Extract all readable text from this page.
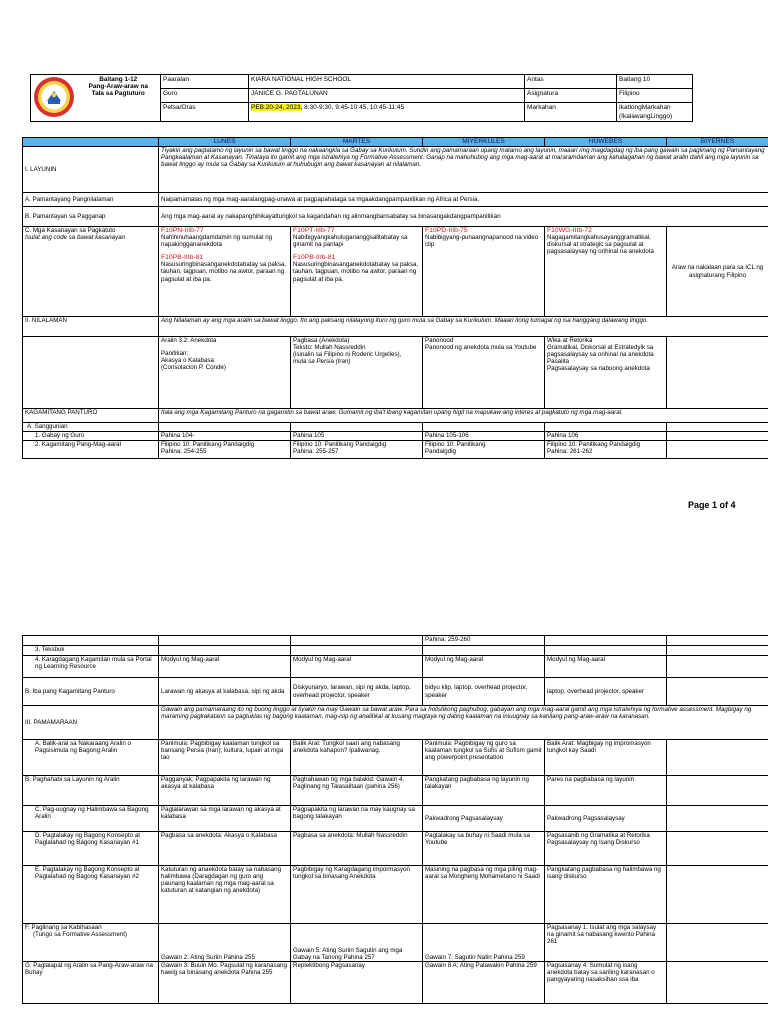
Baitang 1-12
Pang-Araw-araw na
Tala sa Pagtuturo	Paaralan	KIARA NATIONAL HIGH SCHOOL	Antas	Baitang 10
		Guro	JANICE G. PAGTALUNAN	Asignatura	Filipino
		Petsa/Oras	PEB.20-24, 2023, 8:30-9:30, 9:45-10:45, 10:45-11:45	Markahan	IkatlongMarkahan (IkalawangLinggo)
	LUNES	MARTES	MIYERKULES	HUWEBES	BIYERNES
I. LAYUNIN	Tiyakin ang pagtatamo ng layunin sa bawat linggo na nakaangkla sa Gabay sa Kurikulum. Sundin ang pamamaraan upang matamo ang layunin, maaari ring magdagdag ng iba pang gawain sa paglinang ng Pamantayang Pangkaalaman at Kasanayan. Tinataya ito gamit ang mga istratehiya ng Formative Assessment. Ganap na mahuhubog ang mga mag-aaral at mararamdaman ang kahalagahan ng bawat aralin dahil ang mga layunin sa bawat linggo ay mula sa Gabay sa Kurikulum at huhubugin ang bawat kasanayan at nilalaman.				
A. Pamantayang Pangnilalaman	Naipamamalas ng mga mag-aaralangpag-unawa at pagpapahalaga sa mgaakdangpampanitikan ng Africa at Persia.				
B. Pamantayan sa Pagganap	Ang mga mag-aaral ay nakapanghihikayattungkol sa kagandahan ng alinmangbansabatay sa binasangakdangpampanitikan				

C. Mga Kasanayan sa Pagkatuto
Isulat ang code sa bawat kasanayan	F10PN-IIIb-77
Nahihinuhaangdamdamin ng sumulat ng napakinggananekdota
F10PB-IIIb-81
Nasusuringbinasanganekdotabatay sa paksa, tauhan, tagpuan, motibo na awtor, paraan ng pagsulat at iba pa.	F10PT-IIIb-77
Nabibigyangkahulugananggsalitabatay sa ginamit na panlapi
F10PB-IIIb-81
Nasusuringbinasanganekdotabatay sa paksa, tauhan, tagpuan, motibo na awtor, paraan ng pagsulat at iba pa.	F10PD-IIIb-75
Nabibigyang-punaangnapanood na video clip	F10WG-IIIb-72
Nagagamitangkahusayanggramatikal, diskursal at strategic sa pagsulat at pagsasalaysay ng orihinal na anekdota	Araw na nakalaan para sa ICL ng asignaturang Filipino

II. NILALAMAN	Ang Nilalaman ay ang mga aralin sa bawat linggo. Ito ang paksang nilalayong ituro ng guro mula sa Gabay sa Kurikulum. Maaari itong tumagal ng isa hanggang dalawang linggo.				

	Aralin 3.2: Anekdota
Panitikan:
Akasya o Kalabasa
(Consolacion P. Conde)	Pagbasa (Anekdota)
Teksto: Mullah Nassreddin
(isinalin sa Filipino ni Roderic Urgelles),
mula sa Persia (Iran)	Panonood
Panonood ng anekdota mula sa Youtube	Wika at Retorika
Gramatikal, Diskorsal at Estratedyik sa pagsasalaysay sa orihinal na anekdota
Pasalita
Pagsasalaysay sa nabuong anekdota	

KAGAMITANG PANTURO	Itala ang mga Kagamitang Panturo na gagamitin sa bawat araw. Gumamit ng iba't ibang kagamitan upang higit na mapukaw ang interes at pagkatuto ng mga mag-aaral.				
A. Sanggunian					
1. Gabay ng Guro	Pahina 104-	Pahina 105	Pahina 105-106	Pahina 106	
2. Kagamitang Pang-Mag-aaral	Filipino 10: Panitikang Pandaigdig
Pahina: 254-255	Filipino 10: Panitikang Pandaigdig
Pahina: 255-257	Filipino 10: Panitikang
Pandaigdig	Filipino 10: Panitikang Pandaigdig
Pahina: 261-262	

Page 1 of 4
			Pahina: 259-260		
3. Teksbuk					
4. Karagdagang Kagamitan mula sa Portal ng Learning Resource	Modyul ng Mag-aaral	Modyul ng Mag-aaral	Modyul ng Mag-aaral	Modyul ng Mag-aaral	
B. Iba pang Kagamitang Panturo	Larawan ng akasya at kalabasa, sipi ng akda	Diskyunaryo, larawan, sipi ng akda, laptop, overhead projector, speaker	bidyu klip, laptop, overhead projector, speaker	laptop, overhead projector, speaker	
III. PAMAMARAAN	Gawain ang pamamaraang ito ng buong linggo at tiyakin na may Gawain sa bawat araw. Para sa holistikong paghubog, gabayan ang mga mag-aaral gamit ang mga istratehiya ng formative assessment. Magbigay ng maraming pagkakataon sa pagtuklas ng bagong kaalaman, mag-isip ng analitikal at kusang magtaya ng dating kaalaman na iniuugnay sa kanilang pang-araw-araw na karanasan.				
A. Balik-aral sa Nakaraang Aralin o Pagsisimula ng Bagong Aralin	Panimula: Pagbibigay kaalaman tungkol sa bansang Persia (Iran); kultura, lupain at mga tao	Balik Aral: Tungkol saan ang nabasang anekdota kahapon? Ipaliwanag.	Panimula: Pagbibigay ng guro sa kaalaman tungkol sa Sufis at Sufism gamit ang powerpoint presentation	Balik Arat: Magbigay ng impromasyon tungkol kay Saadi	
B. Paghahabi sa Layunin ng Aralin	Pagganyak: Pagpapakita ng larawan ng akasya at kalabasa	Paghahawan ng mga balakid: Gawain 4. Paglinang ng Talasalitaan (pahina 256)	Pangkatang pagbabasa ng layunin ng talakayan	Pares na pagbabasa ng layunin	
C. Pag-uugnay ng Halimbawa sa Bagong Aralin	Paglalarawan sa mga larawan ng akasya at kalabasa	Pagpapakita ng larawan na may kaugnay sa bagong talakayan	Pakwadrong Pagsasalaysay	Pakwadrong Pagsasalaysay	
D. Pagtalakay ng Bagong Konsepto at Paglalahad ng Bagong Kasanayan #1	Pagbasa sa anekdota: Akasya o Kalabasa	Pagbasa sa anekdota: Mullah Nassreddin	Pagtalakay sa buhay ni Saadi mula sa Youtube	Pagsasanib ng Gramatika at Retorika Pagsasalaysay ng Isang Diskurso	
E. Pagtalakay ng Bagong Konsepto at Paglalahad ng Bagong Kasanayan #2	Katuturan ng anaekdota batay sa nabasang halimbawa (Daragdagan ng guro ang paunang kaalaman ng mga mag-aaral sa katuturan at katangian ng anekdota)	Pagbibigay ng Karagdagang impormasyon tungkol sa binasang Anekdota	Masining na pagbasa ng mga piling mag-aaral sa Mongheng Mohametano ni Saadi	Pangkatang pagbabasa ng halimbawa ng isang diskurso	

F. Paglinang sa Kabihasaan
(Tungo sa Formative Assessment)	Gawain 2: Ating Suriin Pahina 255	Gawain 5: Ating Suriin Sagutin ang mga Gabay na Tanong Pahina 257	Gawain 7: Sagutin Natin Pahina 259	Pagsasanay 1: Isulat ang mga salaysay na ginamit sa nabasang kwento Pahina 261	
G. Paglalapat ng Aralin sa Pang-Araw-araw na Buhay	Gawain 3: Buuin Mo. Pagsulat ng karanasang hawig sa binasang anekdota Pahina 255	Replektibong Pagsasanay	Gawain 8 A: Ating Palawakin Pahina 259	Pagsasanay 4: Sumulat ng isang anekdota batay sa sariling karanasan o pangyayaring nasaksihan ssa iba	
